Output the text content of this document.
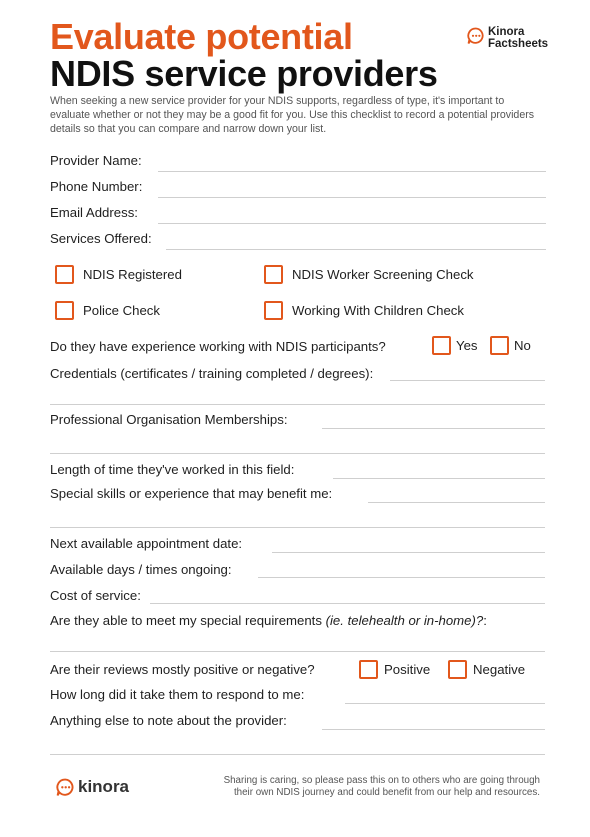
Evaluate potential
NDIS service providers
Kinora
Factsheets
When seeking a new service provider for your NDIS supports, regardless of type, it's important to evaluate whether or not they may be a good fit for you. Use this checklist to record a potential providers details so that you can compare and narrow down your list.
Provider Name:
Phone Number:
Email Address:
Services Offered:
NDIS Registered	NDIS Worker Screening Check
Police Check	Working With Children Check
Do they have experience working with NDIS participants?	Yes	No
Credentials (certificates / training completed / degrees):
Professional Organisation Memberships:
Length of time they've worked in this field:
Special skills or experience that may benefit me:
Next available appointment date:
Available days / times ongoing:
Cost of service:
Are they able to meet my special requirements (ie. telehealth or in-home)?:
Are their reviews mostly positive or negative?	Positive	Negative
How long did it take them to respond to me:
Anything else to note about the provider:
kinora	Sharing is caring, so please pass this on to others who are going through their own NDIS journey and could benefit from our help and resources.
